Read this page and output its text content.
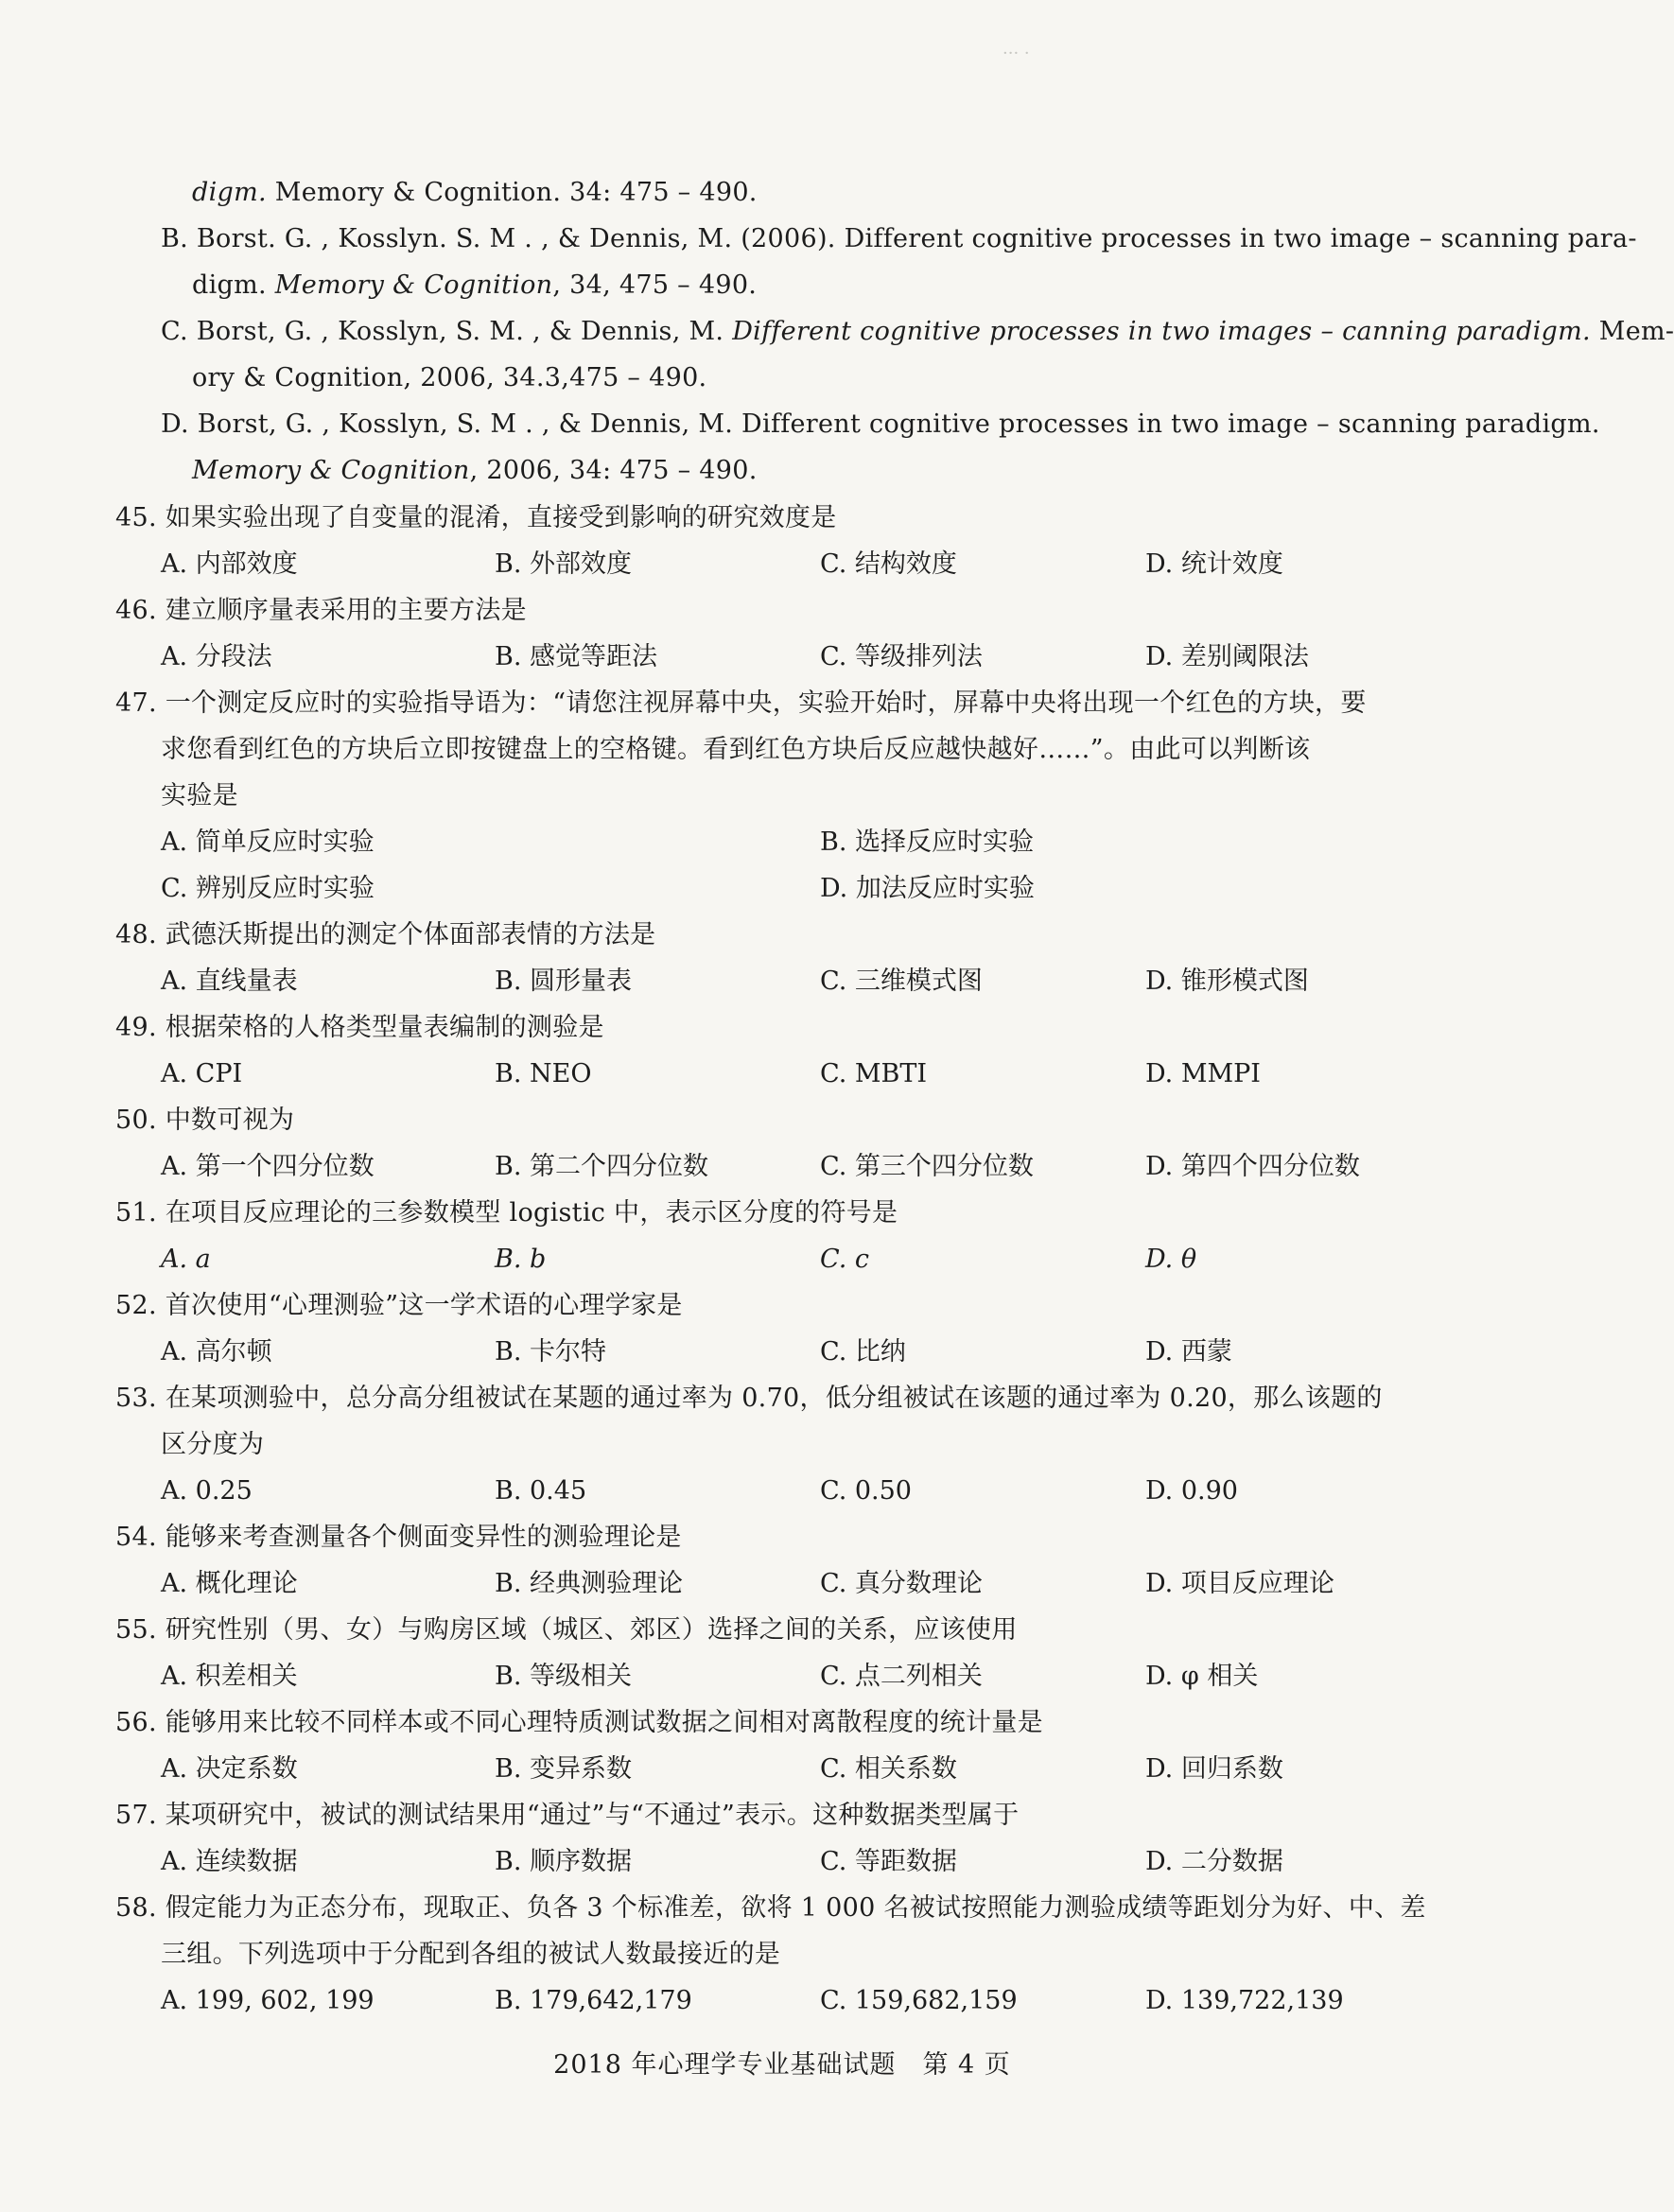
··· ·
digm. Memory & Cognition. 34: 475 – 490.
B. Borst. G. , Kosslyn. S. M . , & Dennis, M. (2006). Different cognitive processes in two image – scanning para-
digm. Memory & Cognition, 34, 475 – 490.
C. Borst, G. , Kosslyn, S. M. , & Dennis, M. Different cognitive processes in two images – canning paradigm. Mem-
ory & Cognition, 2006, 34.3,475 – 490.
D. Borst, G. , Kosslyn, S. M . , & Dennis, M. Different cognitive processes in two image – scanning paradigm.
Memory & Cognition, 2006, 34: 475 – 490.
45. 如果实验出现了自变量的混淆，直接受到影响的研究效度是
A. 内部效度	B. 外部效度	C. 结构效度	D. 统计效度
46. 建立顺序量表采用的主要方法是
A. 分段法	B. 感觉等距法	C. 等级排列法	D. 差别阈限法
47. 一个测定反应时的实验指导语为：“请您注视屏幕中央，实验开始时，屏幕中央将出现一个红色的方块，要
求您看到红色的方块后立即按键盘上的空格键。看到红色方块后反应越快越好……”。由此可以判断该
实验是
A. 简单反应时实验	B. 选择反应时实验
C. 辨别反应时实验	D. 加法反应时实验
48. 武德沃斯提出的测定个体面部表情的方法是
A. 直线量表	B. 圆形量表	C. 三维模式图	D. 锥形模式图
49. 根据荣格的人格类型量表编制的测验是
A. CPI	B. NEO	C. MBTI	D. MMPI
50. 中数可视为
A. 第一个四分位数	B. 第二个四分位数	C. 第三个四分位数	D. 第四个四分位数
51. 在项目反应理论的三参数模型 logistic 中，表示区分度的符号是
A. a	B. b	C. c	D. θ
52. 首次使用“心理测验”这一学术语的心理学家是
A. 高尔顿	B. 卡尔特	C. 比纳	D. 西蒙
53. 在某项测验中，总分高分组被试在某题的通过率为 0.70，低分组被试在该题的通过率为 0.20，那么该题的
区分度为
A. 0.25	B. 0.45	C. 0.50	D. 0.90
54. 能够来考查测量各个侧面变异性的测验理论是
A. 概化理论	B. 经典测验理论	C. 真分数理论	D. 项目反应理论
55. 研究性别（男、女）与购房区域（城区、郊区）选择之间的关系，应该使用
A. 积差相关	B. 等级相关	C. 点二列相关	D. φ 相关
56. 能够用来比较不同样本或不同心理特质测试数据之间相对离散程度的统计量是
A. 决定系数	B. 变异系数	C. 相关系数	D. 回归系数
57. 某项研究中，被试的测试结果用“通过”与“不通过”表示。这种数据类型属于
A. 连续数据	B. 顺序数据	C. 等距数据	D. 二分数据
58. 假定能力为正态分布，现取正、负各 3 个标准差，欲将 1 000 名被试按照能力测验成绩等距划分为好、中、差
三组。下列选项中于分配到各组的被试人数最接近的是
A. 199, 602, 199	B. 179,642,179	C. 159,682,159	D. 139,722,139
2018 年心理学专业基础试题　第 4 页
